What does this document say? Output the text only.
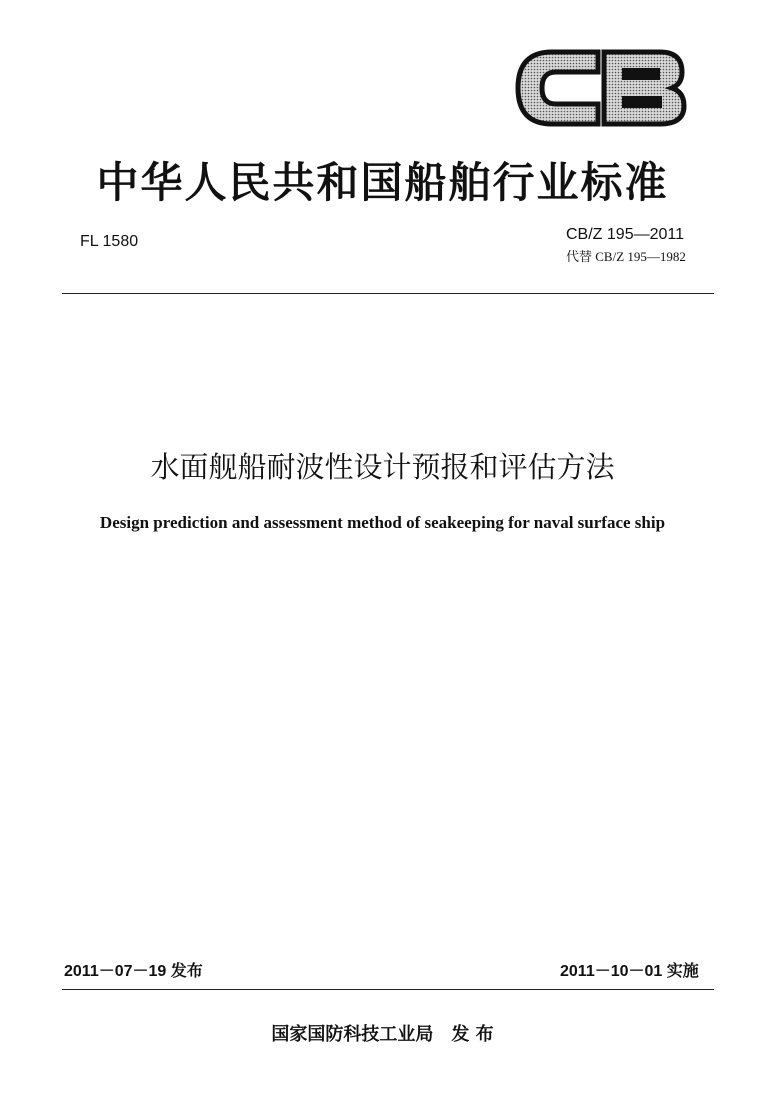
中华人民共和国船舶行业标准
FL 1580	CB/Z 195—2011
代替 CB/Z 195—1982
水面舰船耐波性设计预报和评估方法
Design prediction and assessment method of seakeeping for naval surface ship
2011－07－19 发布	2011－10－01 实施
国家国防科技工业局 发 布
